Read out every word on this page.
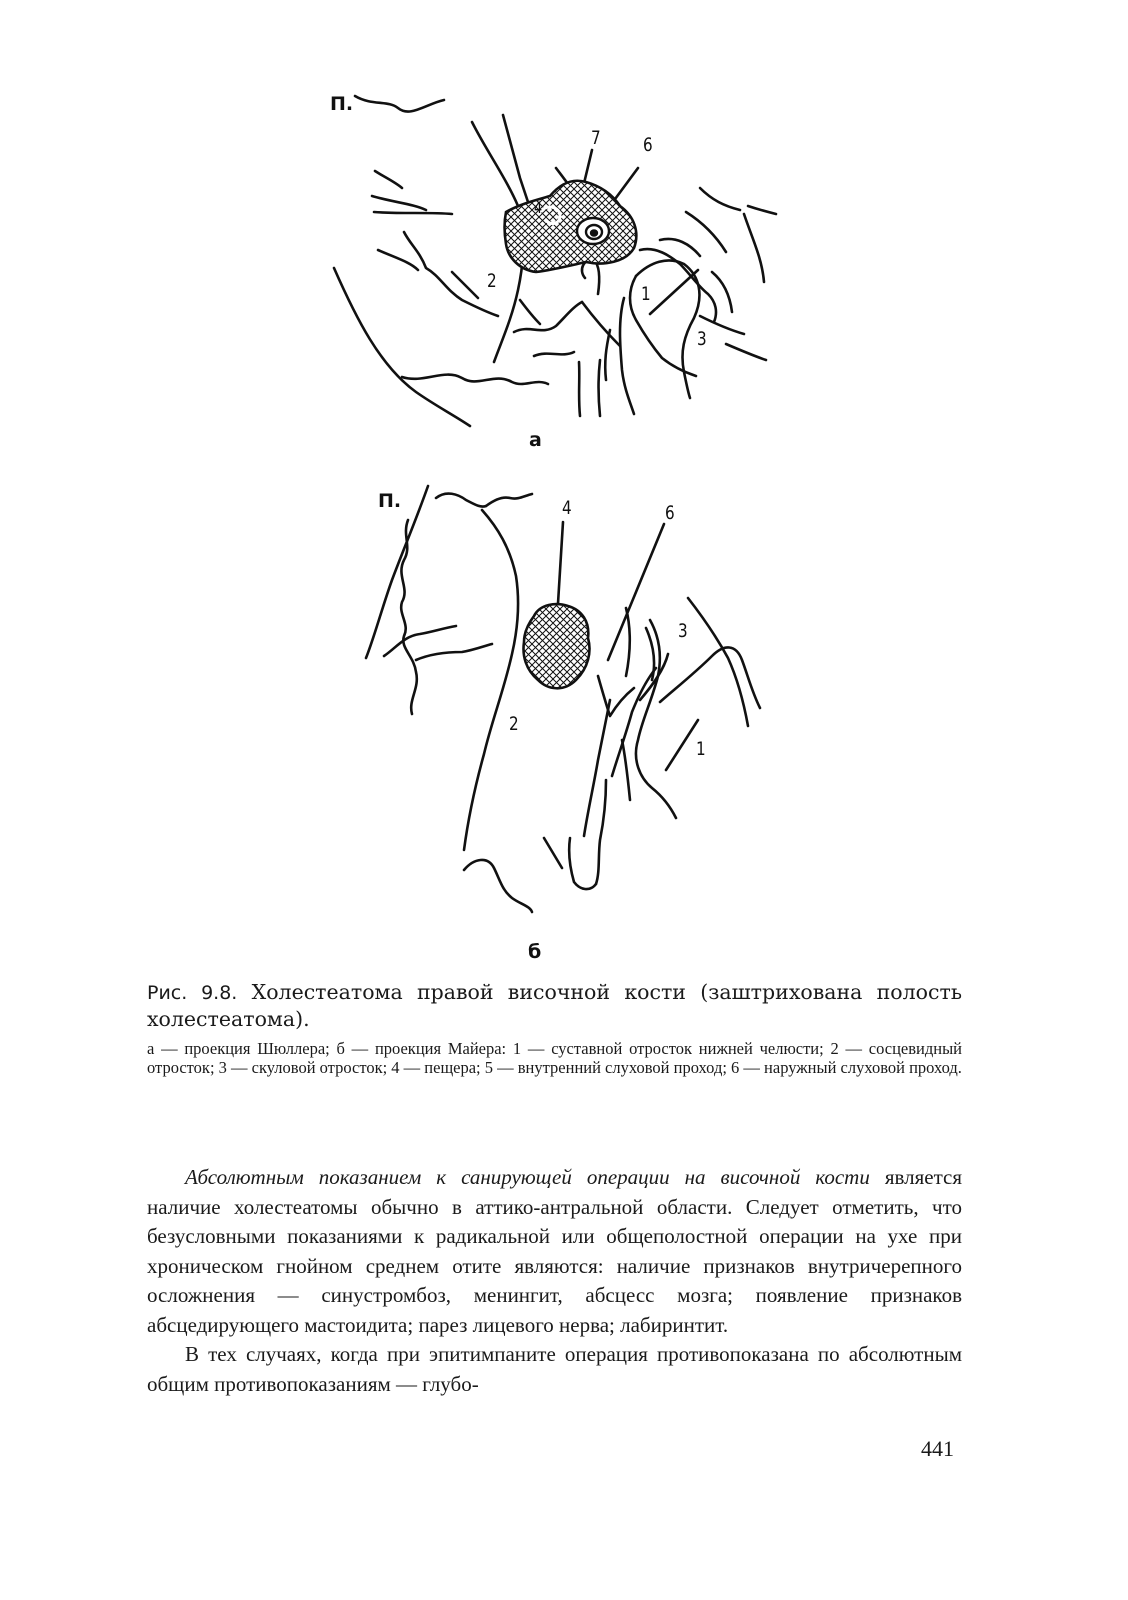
П.
7 6
4
2
1
3
а
П.	4	6
3
2
1
б
Рис. 9.8. Холестеатома правой височной кости (заштрихована полость холестеатома).
а — проекция Шюллера; б — проекция Майера: 1 — суставной отросток нижней челюсти; 2 — сосцевидный отросток; 3 — скуловой отросток; 4 — пещера; 5 — внутренний слуховой проход; 6 — наружный слуховой проход.

Абсолютным показанием к санирующей операции на височной кости является наличие холестеатомы обычно в аттико-антральной области. Следует отметить, что безусловными показаниями к радикальной или общеполостной операции на ухе при хроническом гнойном среднем отите являются: наличие признаков внутричерепного осложнения — синустромбоз, менингит, абсцесс мозга; появление признаков абсцедирующего мастоидита; парез лицевого нерва; лабиринтит.

В тех случаях, когда при эпитимпаните операция противопоказана по абсолютным общим противопоказаниям — глубо-

441
